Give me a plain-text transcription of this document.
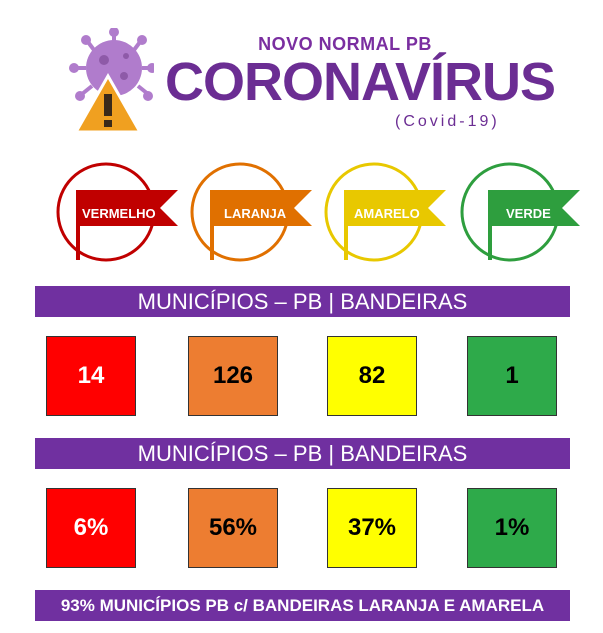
NOVO NORMAL PB
CORONAVÍRUS
(Covid-19)
VERMELHO	LARANJA	AMARELO	VERDE
MUNICÍPIOS – PB | BANDEIRAS
14	126	82	1
MUNICÍPIOS – PB | BANDEIRAS
6%	56%	37%	1%
93% MUNICÍPIOS PB c/ BANDEIRAS LARANJA E AMARELA
